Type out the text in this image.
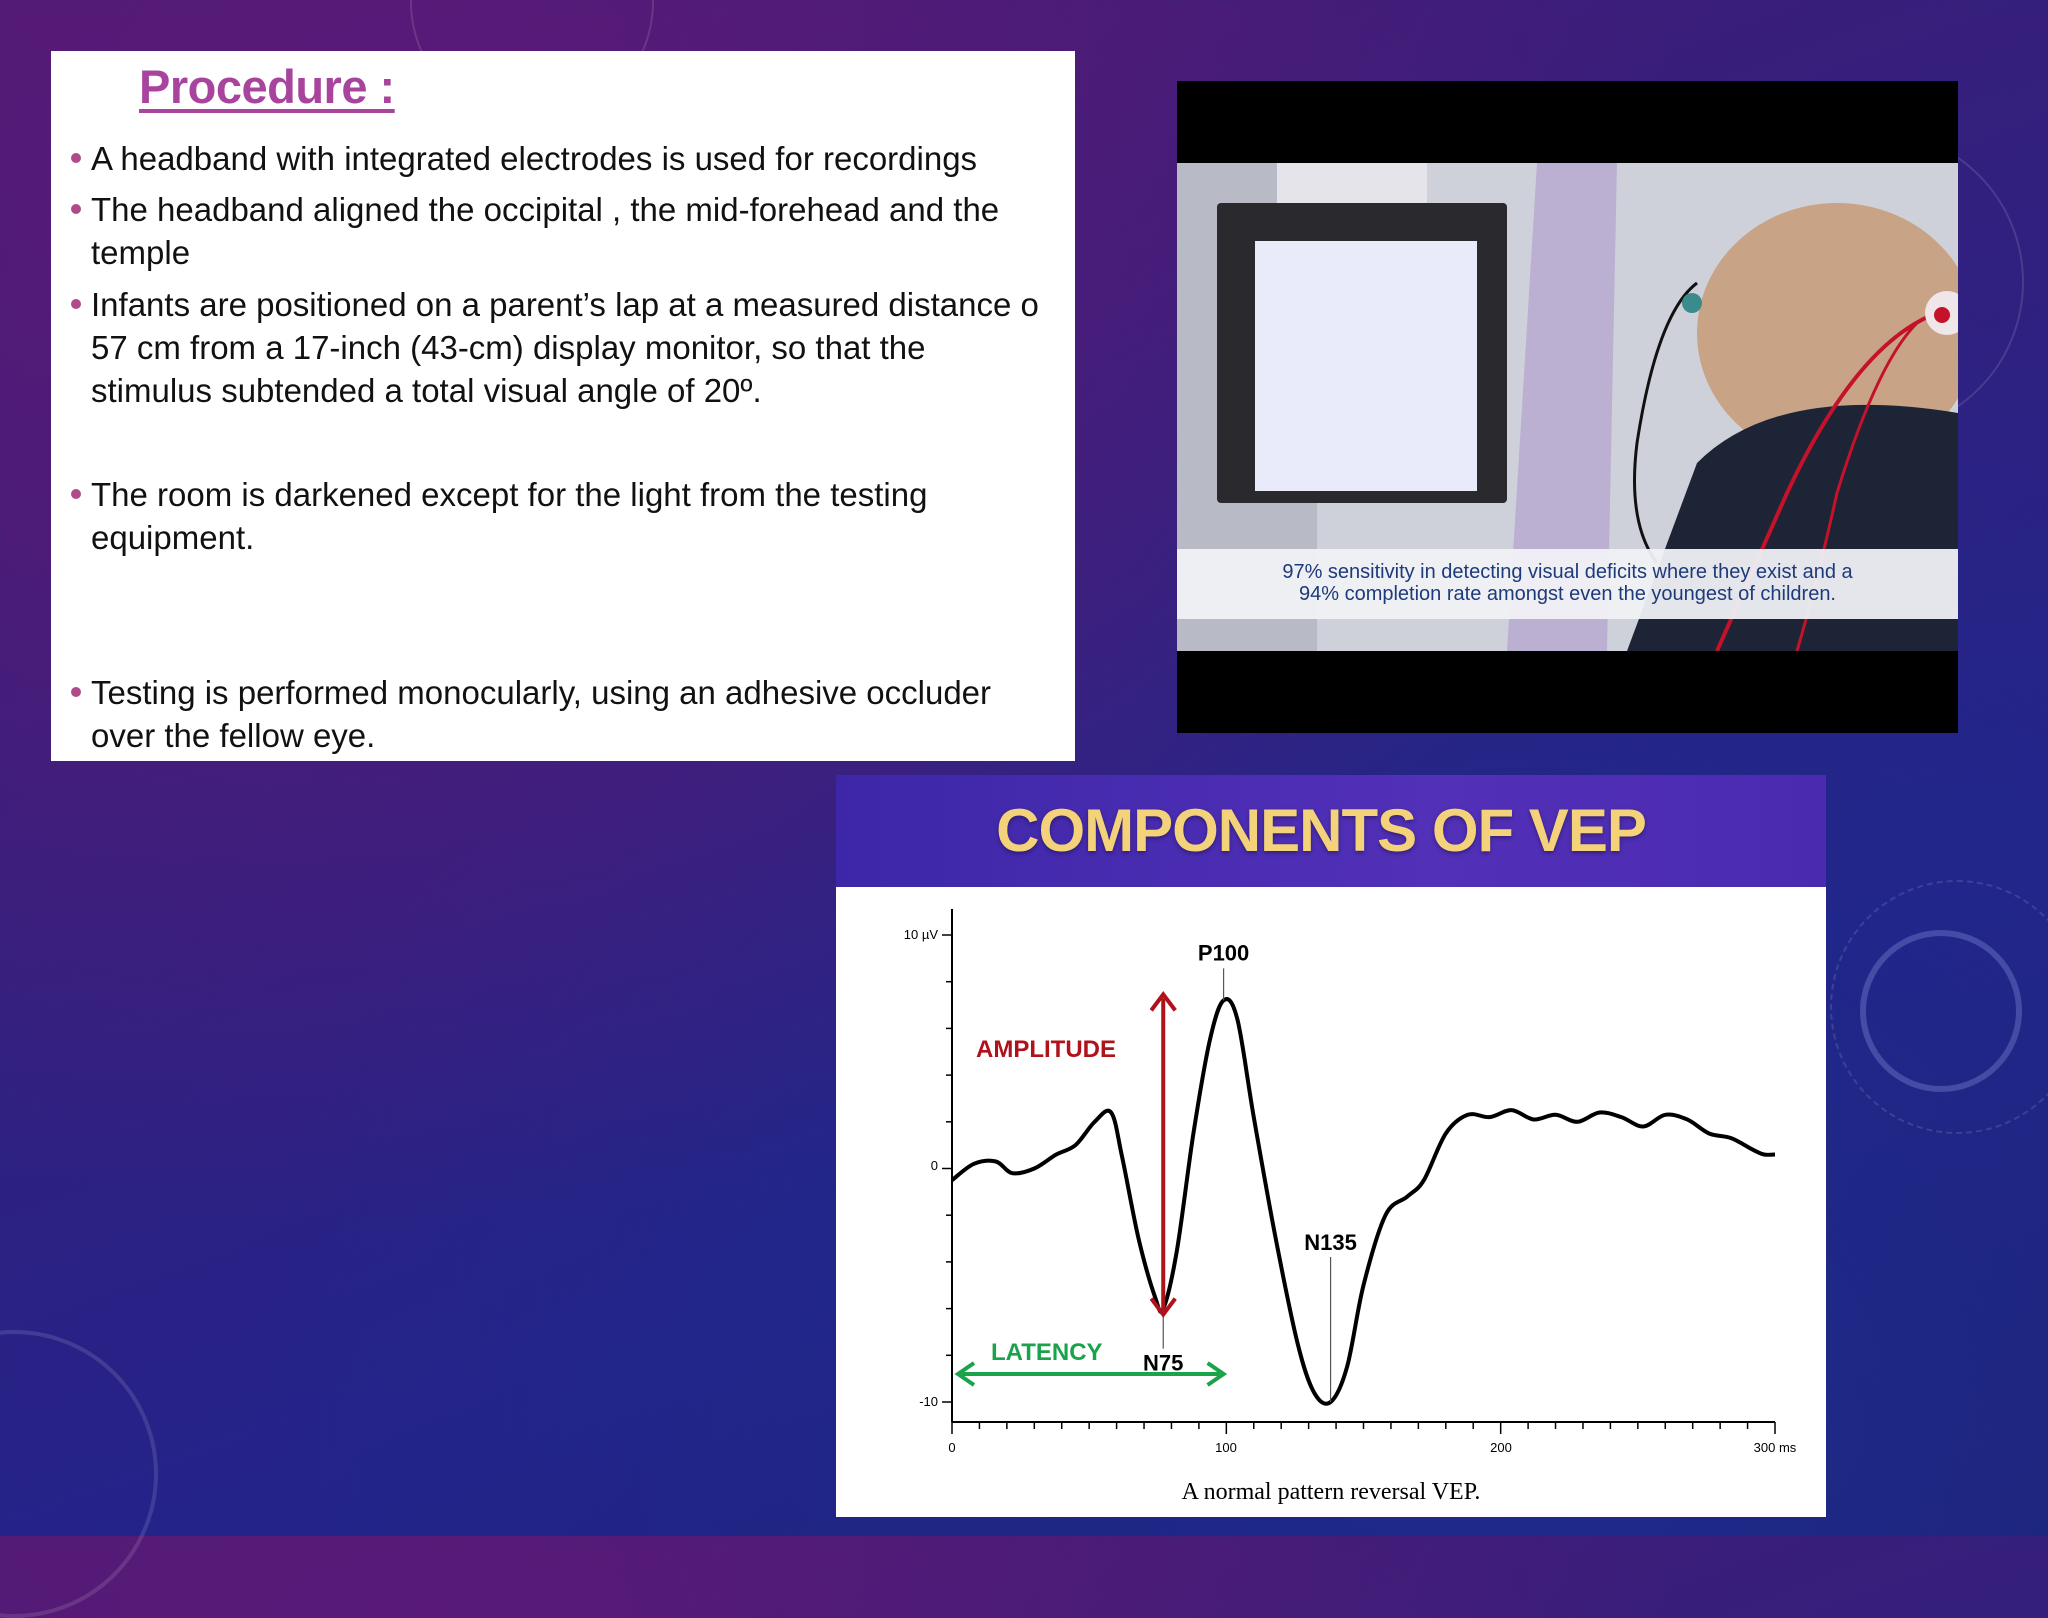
Procedure :
A headband with integrated electrodes is used for recordings
The headband aligned the occipital , the mid-forehead and the
temple
Infants are positioned on a parent’s lap at a measured distance o
57 cm from a 17-inch (43-cm) display monitor, so that the
stimulus subtended a total visual angle of 20º.
The room is darkened except for the light from the testing
equipment.
Testing is performed monocularly, using an adhesive occluder
over the fellow eye.
97% sensitivity in detecting visual deficits where they exist and a
94% completion rate amongst even the youngest of children.
COMPONENTS OF VEP
10 µV
0
-10
0	100	200	300 ms
P100
N75
N135
AMPLITUDE
LATENCY
A normal pattern reversal VEP.
